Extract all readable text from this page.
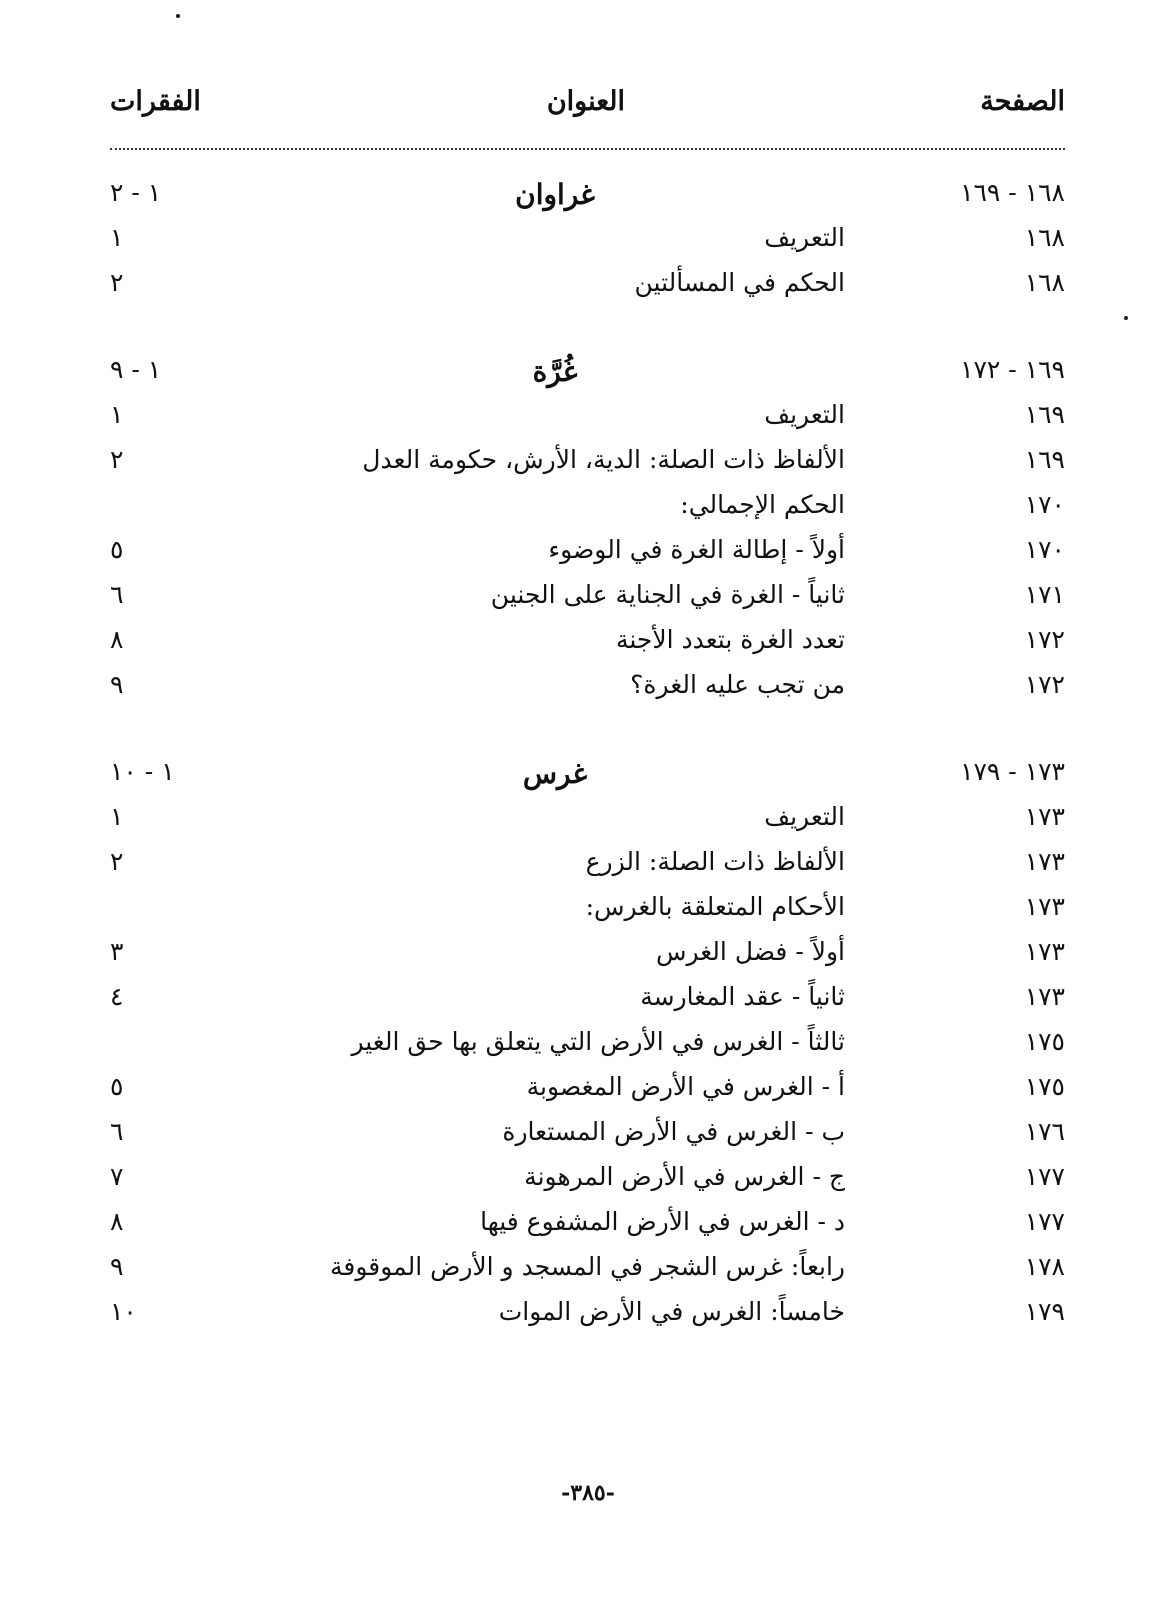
الصفحة
العنوان
الفقرات
١٦٨ - ١٦٩
غراوان
١ - ٢
١٦٨
التعريف
١
١٦٨
الحكم في المسألتين
٢
١٦٩ - ١٧٢
غُرَّة
١ - ٩
١٦٩
التعريف
١
١٦٩
الألفاظ ذات الصلة: الدية، الأرش، حكومة العدل
٢
١٧٠
الحكم الإجمالي:
١٧٠
أولاً - إطالة الغرة في الوضوء
٥
١٧١
ثانياً - الغرة في الجناية على الجنين
٦
١٧٢
تعدد الغرة بتعدد الأجنة
٨
١٧٢
من تجب عليه الغرة؟
٩
١٧٣ - ١٧٩
غرس
١ - ١٠
١٧٣
التعريف
١
١٧٣
الألفاظ ذات الصلة: الزرع
٢
١٧٣
الأحكام المتعلقة بالغرس:
١٧٣
أولاً - فضل الغرس
٣
١٧٣
ثانياً - عقد المغارسة
٤
١٧٥
ثالثاً - الغرس في الأرض التي يتعلق بها حق الغير
١٧٥
أ - الغرس في الأرض المغصوبة
٥
١٧٦
ب - الغرس في الأرض المستعارة
٦
١٧٧
ج - الغرس في الأرض المرهونة
٧
١٧٧
د - الغرس في الأرض المشفوع فيها
٨
١٧٨
رابعاً: غرس الشجر في المسجد و الأرض الموقوفة
٩
١٧٩
خامساً: الغرس في الأرض الموات
١٠
-٣٨٥-
